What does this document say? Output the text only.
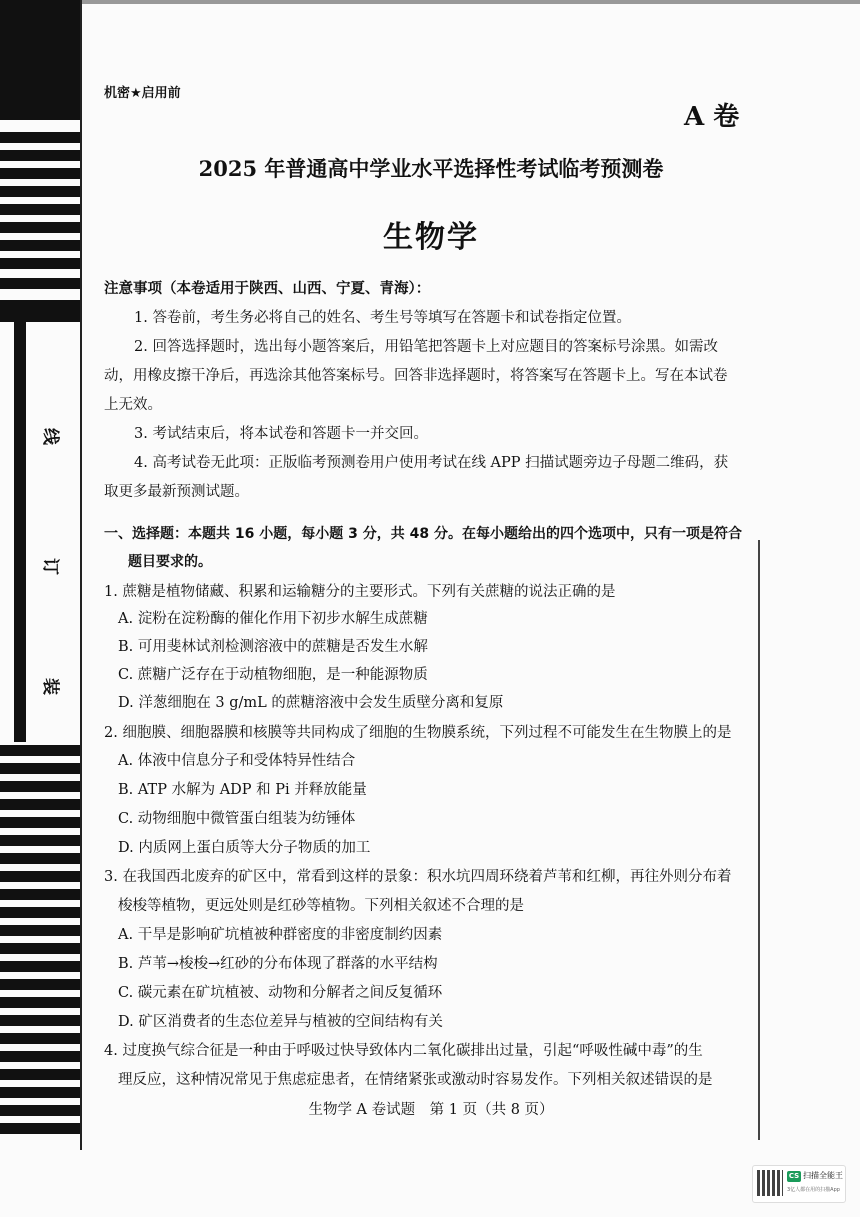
线
订
装
机密★启用前
A 卷
2025 年普通高中学业水平选择性考试临考预测卷
生物学
注意事项（本卷适用于陕西、山西、宁夏、青海）：
1. 答卷前，考生务必将自己的姓名、考生号等填写在答题卡和试卷指定位置。
2. 回答选择题时，选出每小题答案后，用铅笔把答题卡上对应题目的答案标号涂黑。如需改
动，用橡皮擦干净后，再选涂其他答案标号。回答非选择题时，将答案写在答题卡上。写在本试卷
上无效。
3. 考试结束后，将本试卷和答题卡一并交回。
4. 高考试卷无此项：正版临考预测卷用户使用考试在线 APP 扫描试题旁边子母题二维码，获
取更多最新预测试题。
一、选择题：本题共 16 小题，每小题 3 分，共 48 分。在每小题给出的四个选项中，只有一项是符合
题目要求的。
1. 蔗糖是植物储藏、积累和运输糖分的主要形式。下列有关蔗糖的说法正确的是
A. 淀粉在淀粉酶的催化作用下初步水解生成蔗糖
B. 可用斐林试剂检测溶液中的蔗糖是否发生水解
C. 蔗糖广泛存在于动植物细胞，是一种能源物质
D. 洋葱细胞在 3 g/mL 的蔗糖溶液中会发生质壁分离和复原
2. 细胞膜、细胞器膜和核膜等共同构成了细胞的生物膜系统，下列过程不可能发生在生物膜上的是
A. 体液中信息分子和受体特异性结合
B. ATP 水解为 ADP 和 Pi 并释放能量
C. 动物细胞中微管蛋白组装为纺锤体
D. 内质网上蛋白质等大分子物质的加工
3. 在我国西北废弃的矿区中，常看到这样的景象：积水坑四周环绕着芦苇和红柳，再往外则分布着
梭梭等植物，更远处则是红砂等植物。下列相关叙述不合理的是
A. 干旱是影响矿坑植被种群密度的非密度制约因素
B. 芦苇→梭梭→红砂的分布体现了群落的水平结构
C. 碳元素在矿坑植被、动物和分解者之间反复循环
D. 矿区消费者的生态位差异与植被的空间结构有关
4. 过度换气综合征是一种由于呼吸过快导致体内二氧化碳排出过量，引起“呼吸性碱中毒”的生
理反应，这种情况常见于焦虑症患者，在情绪紧张或激动时容易发作。下列相关叙述错误的是
生物学 A 卷试题　第 1 页（共 8 页）
CS 扫描全能王
3亿人都在用的扫描App
